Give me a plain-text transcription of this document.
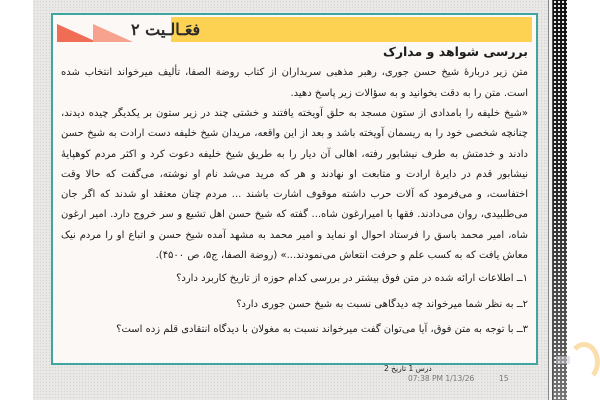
فعَـالـیت ۲
بررسی شواهد و مدارک
متن زیر دربارهٔ شیخ حسن جوری، رهبر مذهبی سربداران از کتاب روضة الصفا، تألیف میرخواند انتخاب شده است. متن را به دقت بخوانید و به سؤالات زیر پاسخ دهید.
«شیخ خلیفه را بامدادی از ستون مسجد به حلق آویخته یافتند و خشتی چند در زیر ستون بر یکدیگر چیده دیدند، چنانچه شخصی خود را به ریسمان آویخته باشد و بعد از این واقعه، مریدان شیخ خلیفه دست ارادت به شیخ حسن دادند و خدمتش به طرف نیشابور رفته، اهالی آن دیار را به طریق شیخ خلیفه دعوت کرد و اکثر مردم کوهپایهٔ نیشابور قدم در دایرهٔ ارادت و متابعت او نهادند و هر که مرید می‌شد نام او نوشته، می‌گفت که حالا وقت اختفاست، و می‌فرمود که آلات حرب داشته موقوف اشارت باشند ... مردم چنان معتقد او شدند که اگر جان می‌طلبیدی، روان می‌دادند. فقها با امیرارغون شاه... گفته که شیخ حسن اهل تشیع و سر خروج دارد. امیر ارغون شاه، امیر محمد باسق را فرستاد احوال او نماید و امیر محمد به مشهد آمده شیخ حسن و اتباع او را مردم نیک معاش یافت که به کسب علم و حرفت انتعاش می‌نمودند...» (روضة الصفا، ج۵، ص ۴۵۰۰).
۱ــ اطلاعات ارائه شده در متن فوق بیشتر در بررسی کدام حوزه از تاریخ کاربرد دارد؟
۲ــ به نظر شما میرخواند چه دیدگاهی نسبت به شیخ حسن جوری دارد؟
۳ــ با توجه به متن فوق، آیا می‌توان گفت میرخواند نسبت به مغولان با دیدگاه انتقادی قلم زده است؟
درس 1 تاریخ 2
07:38 PM 1/13/26	15
